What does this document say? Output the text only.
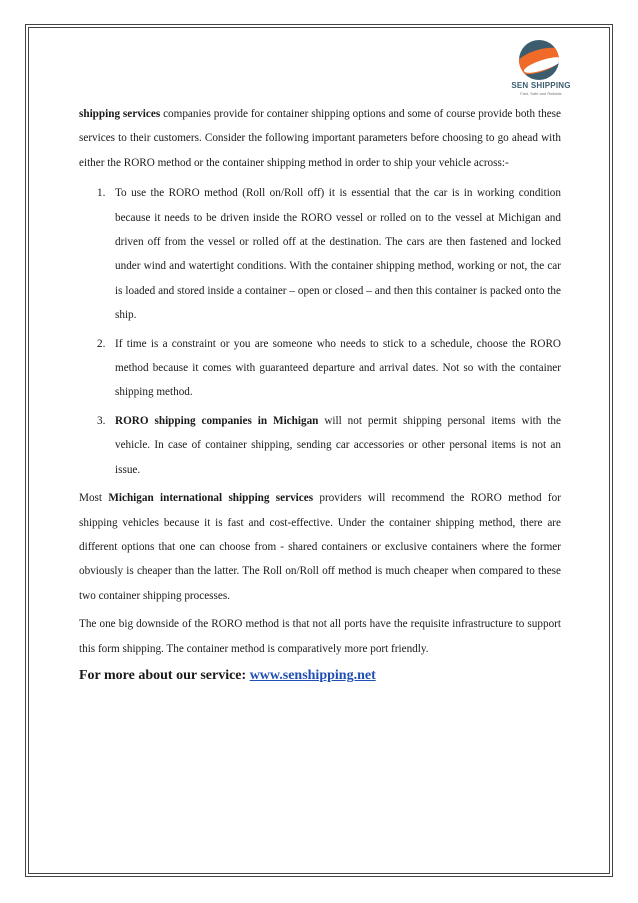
SEN SHIPPING
Fast, Safe and Reliable

shipping services companies provide for container shipping options and some of course provide both these services to their customers. Consider the following important parameters before choosing to go ahead with either the RORO method or the container shipping method in order to ship your vehicle across:-

1. To use the RORO method (Roll on/Roll off) it is essential that the car is in working condition because it needs to be driven inside the RORO vessel or rolled on to the vessel at Michigan and driven off from the vessel or rolled off at the destination. The cars are then fastened and locked under wind and watertight conditions. With the container shipping method, working or not, the car is loaded and stored inside a container – open or closed – and then this container is packed onto the ship.
2. If time is a constraint or you are someone who needs to stick to a schedule, choose the RORO method because it comes with guaranteed departure and arrival dates. Not so with the container shipping method.
3. RORO shipping companies in Michigan will not permit shipping personal items with the vehicle. In case of container shipping, sending car accessories or other personal items is not an issue.

Most Michigan international shipping services providers will recommend the RORO method for shipping vehicles because it is fast and cost-effective. Under the container shipping method, there are different options that one can choose from - shared containers or exclusive containers where the former obviously is cheaper than the latter. The Roll on/Roll off method is much cheaper when compared to these two container shipping processes.

The one big downside of the RORO method is that not all ports have the requisite infrastructure to support this form shipping. The container method is comparatively more port friendly.

For more about our service: www.senshipping.net
